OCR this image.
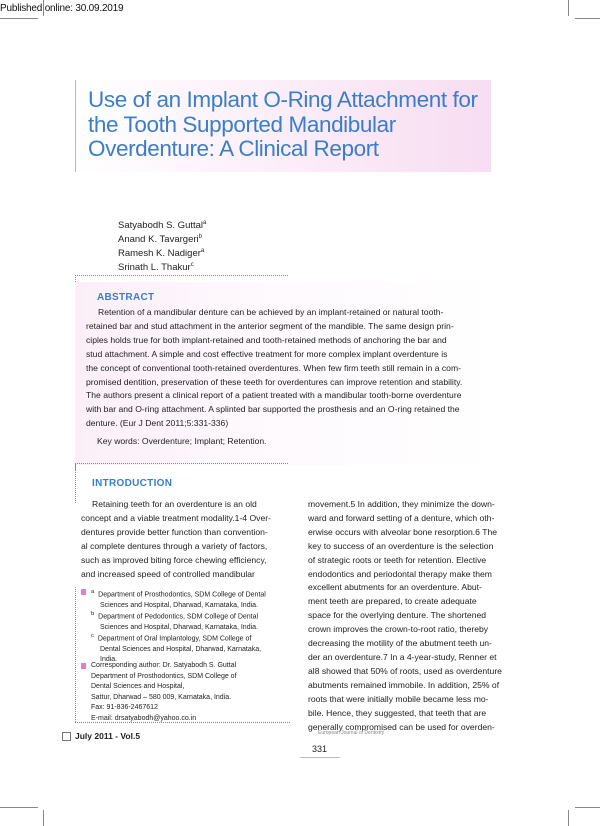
Published online: 30.09.2019
Use of an Implant O-Ring Attachment for the Tooth Supported Mandibular Overdenture: A Clinical Report
Satyabodh S. Guttal$^a$
Anand K. Tavargeri$^b$
Ramesh K. Nadiger$^a$
Srinath L. Thakur$^c$
ABSTRACT
Retention of a mandibular denture can be achieved by an implant-retained or natural tooth-
retained bar and stud attachment in the anterior segment of the mandible. The same design prin-
ciples holds true for both implant-retained and tooth-retained methods of anchoring the bar and
stud attachment. A simple and cost effective treatment for more complex implant overdenture is
the concept of conventional tooth-retained overdentures. When few firm teeth still remain in a com-
promised dentition, preservation of these teeth for overdentures can improve retention and stability.
The authors present a clinical report of a patient treated with a mandibular tooth-borne overdenture
with bar and O-ring attachment. A splinted bar supported the prosthesis and an O-ring retained the
denture. (Eur J Dent 2011;5:331-336)
Key words: Overdenture; Implant; Retention.
INTRODUCTION
Retaining teeth for an overdenture is an old
concept and a viable treatment modality.1-4 Over-
dentures provide better function than convention-
al complete dentures through a variety of factors,
such as improved biting force chewing efficiency,
and increased speed of controlled mandibular
movement.5 In addition, they minimize the down-
ward and forward setting of a denture, which oth-
erwise occurs with alveolar bone resorption.6 The
key to success of an overdenture is the selection
of strategic roots or teeth for retention. Elective
endodontics and periodontal therapy make them
excellent abutments for an overdenture. Abut-
ment teeth are prepared, to create adequate
space for the overlying denture. The shortened
crown improves the crown-to-root ratio, thereby
decreasing the motility of the abutment teeth un-
der an overdenture.7 In a 4-year-study, Renner et
al8 showed that 50% of roots, used as overdenture
abutments remained immobile. In addition, 25% of
roots that were initially mobile became less mo-
bile. Hence, they suggested, that teeth that are
generally compromised can be used for overden-
$^a$ Department of Prosthodontics, SDM College of Dental
Sciences and Hospital, Dharwad, Karnataka, India.
$^b$ Department of Pedodontics, SDM College of Dental
Sciences and Hospital, Dharwad, Karnataka, India.
$^c$ Department of Oral Implantology, SDM College of
Dental Sciences and Hospital, Dharwad, Karnataka,
India.
Corresponding author: Dr. Satyabodh S. Guttal
Department of Prosthodontics, SDM College of
Dental Sciences and Hospital,
Sattur, Dharwad – 580 009, Karnataka, India.
Fax: 91-836-2467612
E-mail: drsatyabodh@yahoo.co.in
July 2011 - Vol.5	European Journal of Dentistry
331
